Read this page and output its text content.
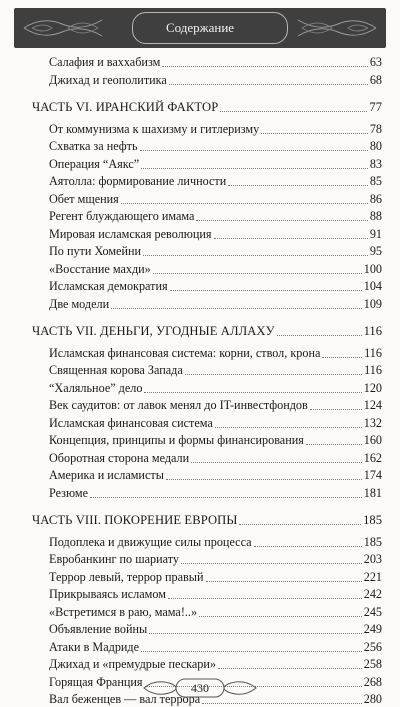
Содержание
Салафия и ваххабизм	63
Джихад и геополитика	68
ЧАСТЬ VI. ИРАНСКИЙ ФАКТОР	77
От коммунизма к шахизму и гитлеризму	78
Схватка за нефть	80
Операция “Аякс”	83
Аятолла: формирование личности	85
Обет мщения	86
Регент блуждающего имама	88
Мировая исламская революция	91
По пути Хомейни	95
«Восстание махди»	100
Исламская демократия	104
Две модели	109
ЧАСТЬ VII. ДЕНЬГИ, УГОДНЫЕ АЛЛАХУ	116
Исламская финансовая система: корни, ствол, крона	116
Священная корова Запада	116
“Халяльное” дело	120
Век саудитов: от лавок менял до IT-инвестфондов	124
Исламская финансовая система	132
Концепция, принципы и формы финансирования	160
Оборотная сторона медали	162
Америка и исламисты	174
Резюме	181
ЧАСТЬ VIII. ПОКОРЕНИЕ ЕВРОПЫ	185
Подоплека и движущие силы процесса	185
Евробанкинг по шариату	203
Террор левый, террор правый	221
Прикрываясь исламом	242
«Встретимся в раю, мама!..»	245
Объявление войны	249
Атаки в Мадриде	256
Джихад и «премудрые пескари»	258
Горящая Франция	268
Вал беженцев — вал террора	280
430
